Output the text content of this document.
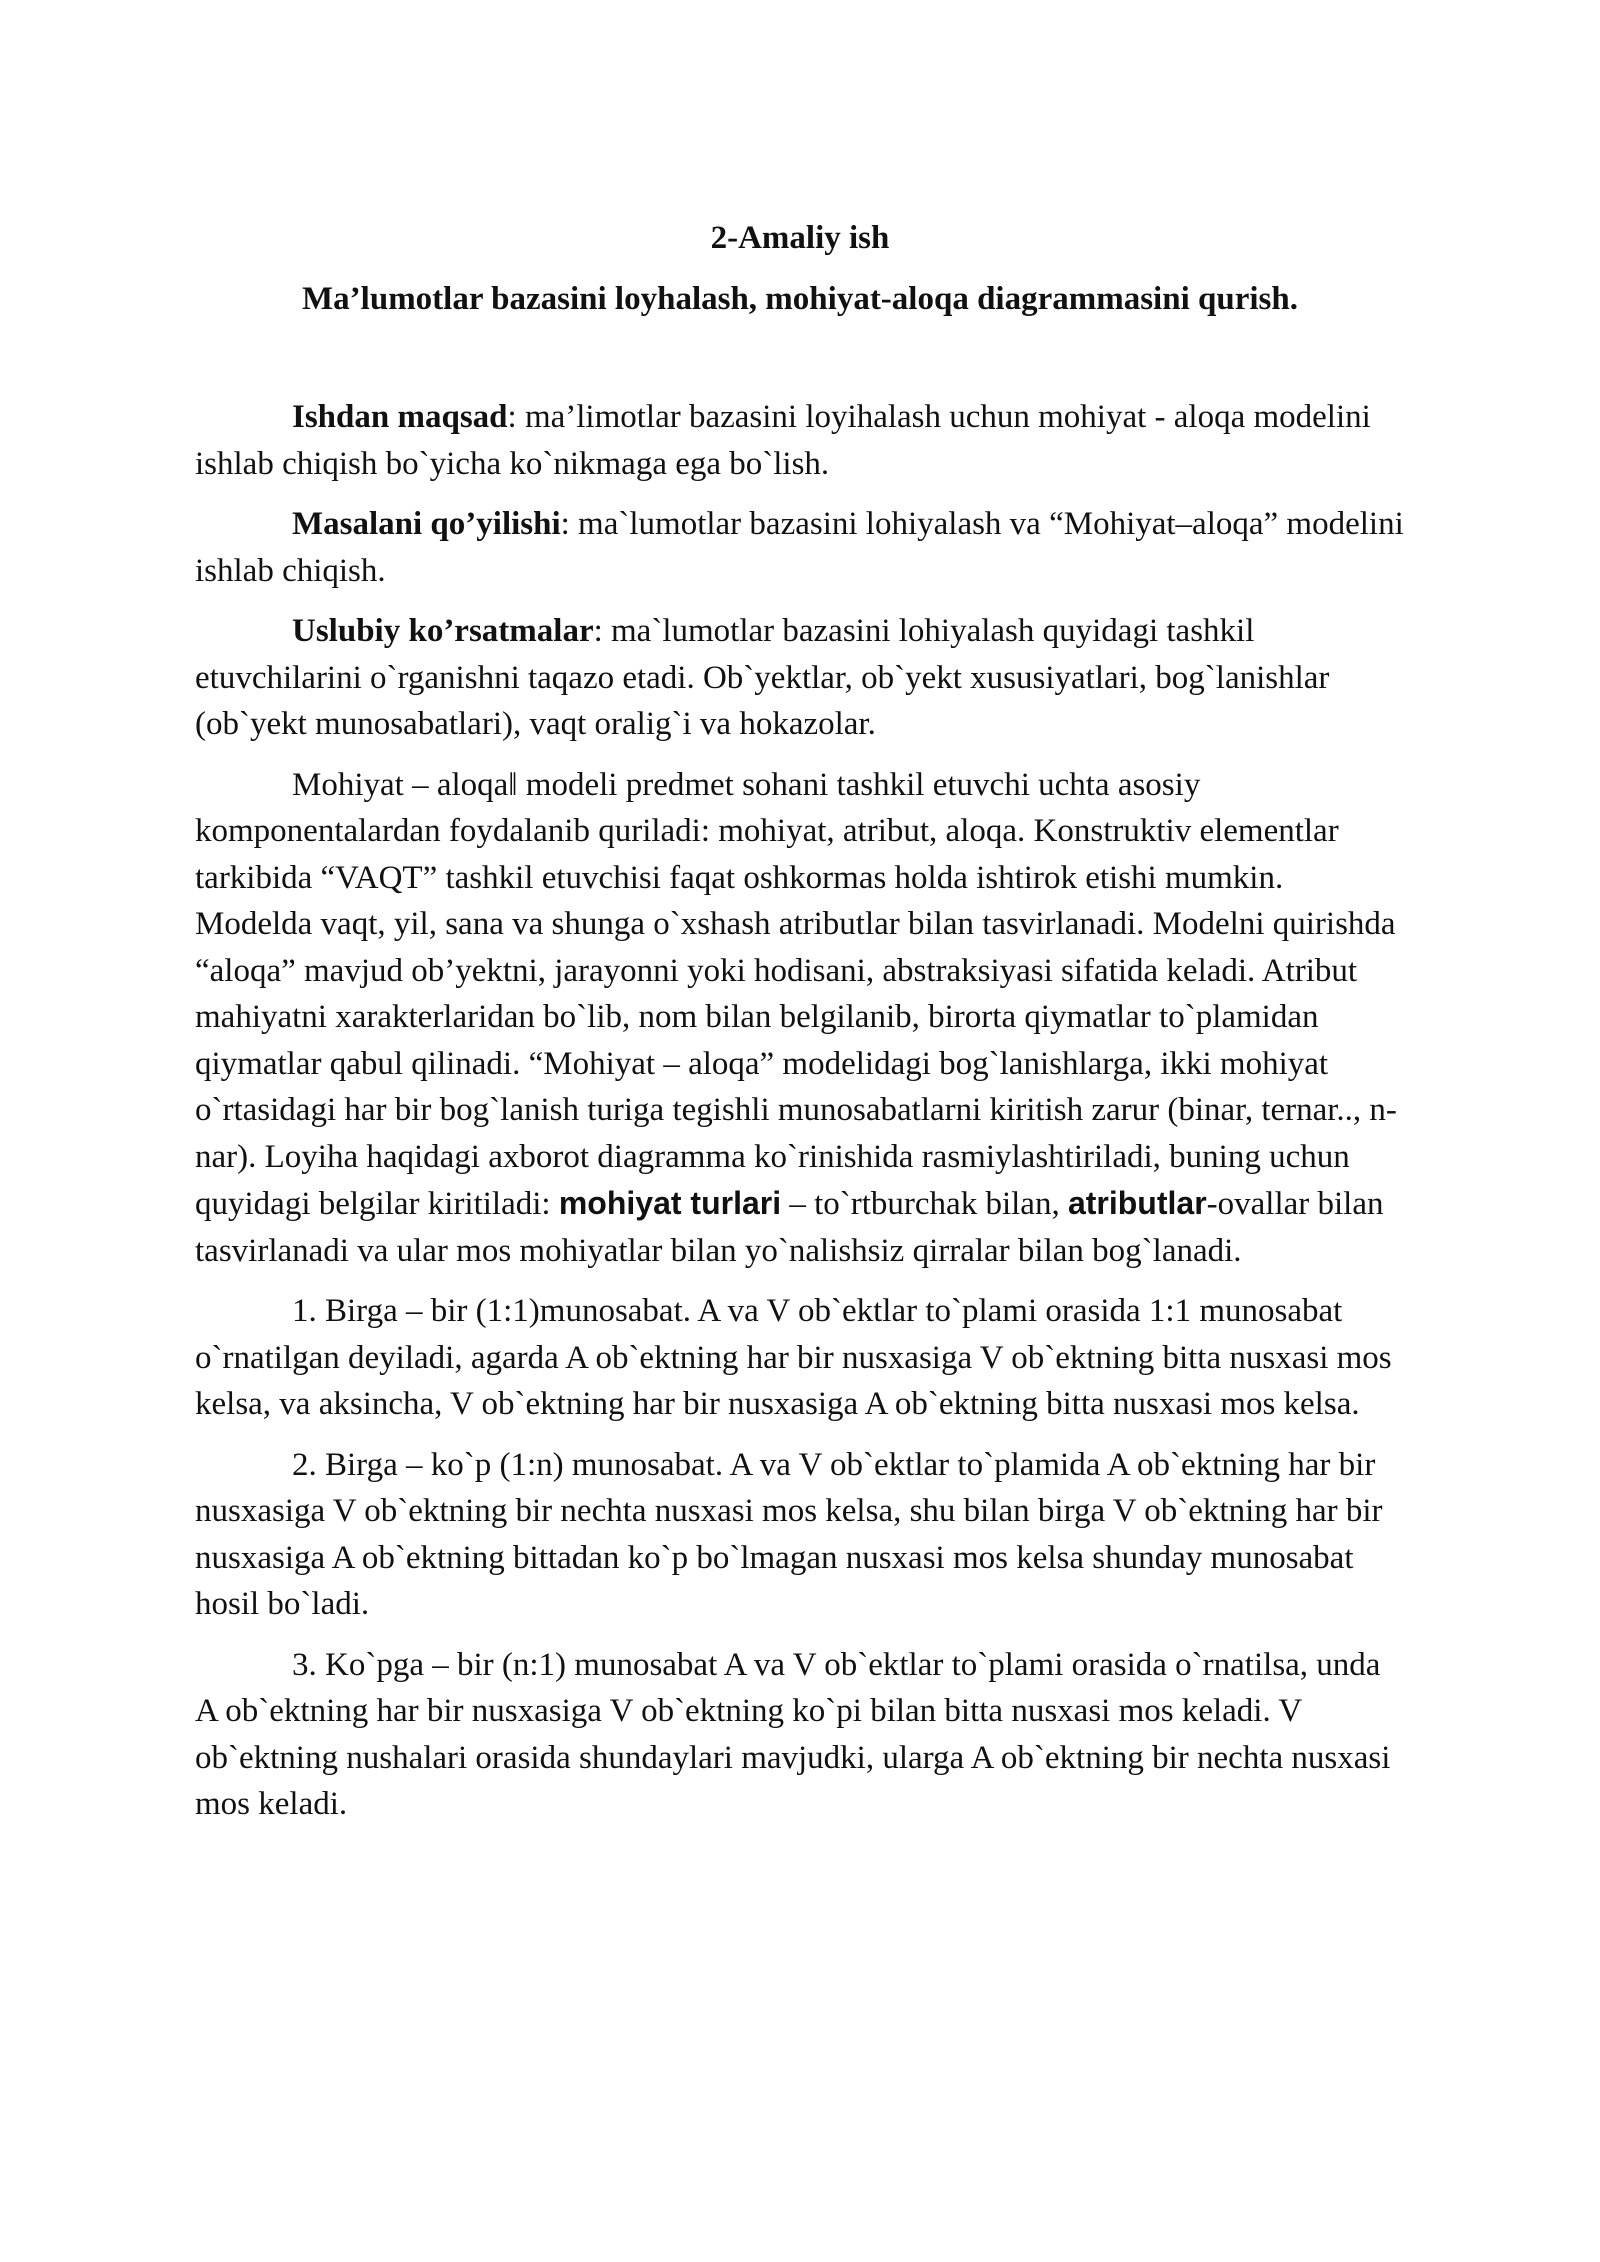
2-Amaliy ish

Ma’lumotlar bazasini loyhalash, mohiyat-aloqa diagrammasini qurish.

Ishdan maqsad: ma’limotlar bazasini loyihalash uchun mohiyat - aloqa modelini ishlab chiqish bo`yicha ko`nikmaga ega bo`lish.

Masalani qo’yilishi: ma`lumotlar bazasini lohiyalash va “Mohiyat–aloqa” modelini ishlab chiqish.

Uslubiy ko’rsatmalar: ma`lumotlar bazasini lohiyalash quyidagi tashkil etuvchilarini o`rganishni taqazo etadi. Ob`yektlar, ob`yekt xususiyatlari, bog`lanishlar (ob`yekt munosabatlari), vaqt oralig`i va hokazolar.

Mohiyat – aloqa‖ modeli predmet sohani tashkil etuvchi uchta asosiy komponentalardan foydalanib quriladi: mohiyat, atribut, aloqa. Konstruktiv elementlar tarkibida “VAQT” tashkil etuvchisi faqat oshkormas holda ishtirok etishi mumkin. Modelda vaqt, yil, sana va shunga o`xshash atributlar bilan tasvirlanadi. Modelni quirishda “aloqa” mavjud ob’yektni, jarayonni yoki hodisani, abstraksiyasi sifatida keladi. Atribut mahiyatni xarakterlaridan bo`lib, nom bilan belgilanib, birorta qiymatlar to`plamidan qiymatlar qabul qilinadi. “Mohiyat – aloqa” modelidagi bog`lanishlarga, ikki mohiyat o`rtasidagi har bir bog`lanish turiga tegishli munosabatlarni kiritish zarur (binar, ternar.., n-nar). Loyiha haqidagi axborot diagramma ko`rinishida rasmiylashtiriladi, buning uchun quyidagi belgilar kiritiladi: mohiyat turlari – to`rtburchak bilan, atributlar-ovallar bilan tasvirlanadi va ular mos mohiyatlar bilan yo`nalishsiz qirralar bilan bog`lanadi.

1. Birga – bir (1:1)munosabat. A va V ob`ektlar to`plami orasida 1:1 munosabat o`rnatilgan deyiladi, agarda A ob`ektning har bir nusxasiga V ob`ektning bitta nusxasi mos kelsa, va aksincha, V ob`ektning har bir nusxasiga A ob`ektning bitta nusxasi mos kelsa.

2. Birga – ko`p (1:n) munosabat. A va V ob`ektlar to`plamida A ob`ektning har bir nusxasiga V ob`ektning bir nechta nusxasi mos kelsa, shu bilan birga V ob`ektning har bir nusxasiga A ob`ektning bittadan ko`p bo`lmagan nusxasi mos kelsa shunday munosabat hosil bo`ladi.

3. Ko`pga – bir (n:1) munosabat A va V ob`ektlar to`plami orasida o`rnatilsa, unda A ob`ektning har bir nusxasiga V ob`ektning ko`pi bilan bitta nusxasi mos keladi. V ob`ektning nushalari orasida shundaylari mavjudki, ularga A ob`ektning bir nechta nusxasi mos keladi.
